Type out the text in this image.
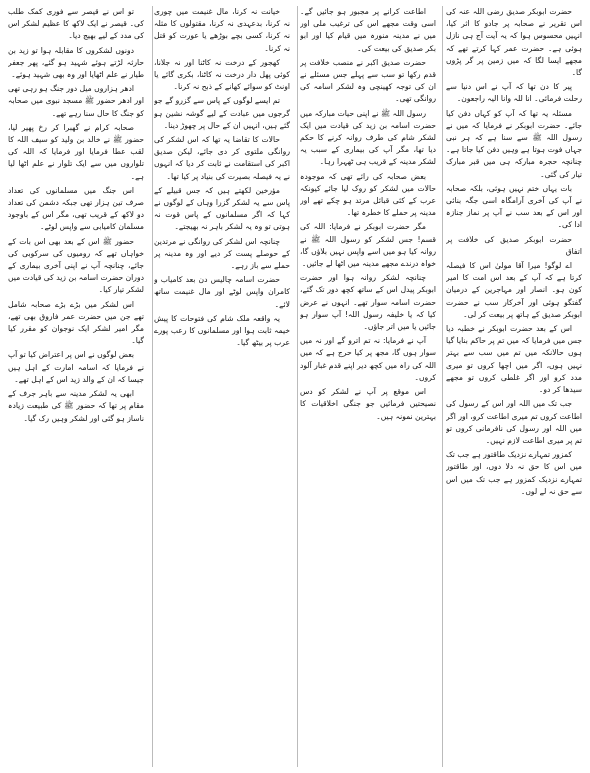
حضرت ابوبکر صدیق رضی اللہ عنہ کی اس تقریر نے صحابہ پر جادو کا اثر کیا، انہیں محسوس ہوا کہ یہ آیت آج ہی نازل ہوئی ہے۔ حضرت عمر کہا کرتے تھے کہ مجھے ایسا لگا کہ میں زمین پر گر پڑوں گا۔

پیر کا دن تھا کہ آپ نے اس دنیا سے رحلت فرمائی۔ انا للہ وانا الیہ راجعون۔

مسئلہ یہ تھا کہ آپ کو کہاں دفن کیا جائے۔ حضرت ابوبکر نے فرمایا کہ میں نے رسول اللہ ﷺ سے سنا ہے کہ ہر نبی جہاں فوت ہوتا ہے وہیں دفن کیا جاتا ہے۔ چنانچہ حجرہ مبارکہ ہی میں قبر مبارک تیار کی گئی۔

بات یہاں ختم نہیں ہوئی، بلکہ صحابہ نے آپ کی آخری آرامگاہ اسی جگہ بنائی اور اس کے بعد سب نے آپ پر نماز جنازہ ادا کی۔

حضرت ابوبکر صدیق کی خلافت پر اتفاق

اے لوگو! میرا آقا مولیٰ اس کا فیصلہ کرتا ہے کہ آپ کے بعد اس امت کا امیر کون ہو۔ انصار اور مہاجرین کے درمیان گفتگو ہوئی اور آخرکار سب نے حضرت ابوبکر صدیق کے ہاتھ پر بیعت کر لی۔

اس کے بعد حضرت ابوبکر نے خطبہ دیا جس میں فرمایا کہ میں تم پر حاکم بنایا گیا ہوں حالانکہ میں تم میں سب سے بہتر نہیں ہوں، اگر میں اچھا کروں تو میری مدد کرو اور اگر غلطی کروں تو مجھے سیدھا کر دو۔

جب تک میں اللہ اور اس کے رسول کی اطاعت کروں تم میری اطاعت کرو، اور اگر میں اللہ اور رسول کی نافرمانی کروں تو تم پر میری اطاعت لازم نہیں۔

کمزور تمہارے نزدیک طاقتور ہے جب تک میں اس کا حق نہ دلا دوں، اور طاقتور تمہارے نزدیک کمزور ہے جب تک میں اس سے حق نہ لے لوں۔

اطاعت کرانے پر مجبور ہو جائیں گے۔ اسی وقت مجھے اس کی ترغیب ملی اور میں نے مدینہ منورہ میں قیام کیا اور ابو بکر صدیق کی بیعت کی۔

حضرت صدیق اکبر نے منصب خلافت پر قدم رکھا تو سب سے پہلے جس مسئلے نے ان کی توجہ کھینچی وہ لشکر اسامہ کی روانگی تھی۔

رسول اللہ ﷺ نے اپنی حیات مبارکہ میں حضرت اسامہ بن زید کی قیادت میں ایک لشکر شام کی طرف روانہ کرنے کا حکم دیا تھا، مگر آپ کی بیماری کے سبب یہ لشکر مدینہ کے قریب ہی ٹھہرا رہا۔

بعض صحابہ کی رائے تھی کہ موجودہ حالات میں لشکر کو روک لیا جائے کیونکہ عرب کے کئی قبائل مرتد ہو چکے تھے اور مدینہ پر حملے کا خطرہ تھا۔

مگر حضرت ابوبکر نے فرمایا: اللہ کی قسم! جس لشکر کو رسول اللہ ﷺ نے روانہ کیا ہو میں اسے واپس نہیں بلاؤں گا، خواہ درندے مجھے مدینہ میں اٹھا لے جائیں۔

چنانچہ لشکر روانہ ہوا اور حضرت ابوبکر پیدل اس کے ساتھ کچھ دور تک گئے، حضرت اسامہ سوار تھے۔ انہوں نے عرض کیا کہ یا خلیفہ رسول اللہ! آپ سوار ہو جائیں یا میں اتر جاؤں۔

آپ نے فرمایا: نہ تم اترو گے اور نہ میں سوار ہوں گا، مجھ پر کیا حرج ہے کہ میں اللہ کی راہ میں کچھ دیر اپنے قدم غبار آلود کروں۔

اس موقع پر آپ نے لشکر کو دس نصیحتیں فرمائیں جو جنگی اخلاقیات کا بہترین نمونہ ہیں۔

خیانت نہ کرنا، مال غنیمت میں چوری نہ کرنا، بدعہدی نہ کرنا، مقتولوں کا مثلہ نہ کرنا، کسی بچے بوڑھے یا عورت کو قتل نہ کرنا۔

کھجور کے درخت نہ کاٹنا اور نہ جلانا، کوئی پھل دار درخت نہ کاٹنا، بکری گائے یا اونٹ کو سوائے کھانے کے ذبح نہ کرنا۔

تم ایسے لوگوں کے پاس سے گزرو گے جو گرجوں میں عبادت کے لیے گوشہ نشین ہو گئے ہیں، انہیں ان کے حال پر چھوڑ دینا۔

حالات کا تقاضا یہ تھا کہ اس لشکر کی روانگی ملتوی کر دی جائے، لیکن صدیق اکبر کی استقامت نے ثابت کر دیا کہ انہوں نے یہ فیصلہ بصیرت کی بنیاد پر کیا تھا۔

مؤرخین لکھتے ہیں کہ جس قبیلے کے پاس سے یہ لشکر گزرا وہاں کے لوگوں نے کہا کہ اگر مسلمانوں کے پاس قوت نہ ہوتی تو وہ یہ لشکر باہر نہ بھیجتے۔

چنانچہ اس لشکر کی روانگی نے مرتدین کے حوصلے پست کر دیے اور وہ مدینہ پر حملے سے باز رہے۔

حضرت اسامہ چالیس دن بعد کامیاب و کامران واپس لوٹے اور مال غنیمت ساتھ لائے۔

یہ واقعہ ملک شام کی فتوحات کا پیش خیمہ ثابت ہوا اور مسلمانوں کا رعب پورے عرب پر بیٹھ گیا۔

تو اس نے قیصر سے فوری کمک طلب کی۔ قیصر نے ایک لاکھ کا عظیم لشکر اس کی مدد کے لیے بھیج دیا۔

دونوں لشکروں کا مقابلہ ہوا تو زید بن حارثہ لڑتے ہوئے شہید ہو گئے، پھر جعفر طیار نے علم اٹھایا اور وہ بھی شہید ہوئے۔

ادھر ہزاروں میل دور جنگ ہو رہی تھی اور ادھر حضور ﷺ مسجد نبوی میں صحابہ کو جنگ کا حال سنا رہے تھے۔

صحابہ کرام نے گھبرا کر رخ پھیر لیا، حضور ﷺ نے خالد بن ولید کو سیف اللہ کا لقب عطا فرمایا اور فرمایا کہ اللہ کی تلواروں میں سے ایک تلوار نے علم اٹھا لیا ہے۔

اس جنگ میں مسلمانوں کی تعداد صرف تین ہزار تھی جبکہ دشمن کی تعداد دو لاکھ کے قریب تھی، مگر اس کے باوجود مسلمان کامیابی سے واپس لوٹے۔

حضور ﷺ اس کے بعد بھی اس بات کے خواہاں تھے کہ رومیوں کی سرکوبی کی جائے، چنانچہ آپ نے اپنی آخری بیماری کے دوران حضرت اسامہ بن زید کی قیادت میں لشکر تیار کیا۔

اس لشکر میں بڑے بڑے صحابہ شامل تھے جن میں حضرت عمر فاروق بھی تھے، مگر امیر لشکر ایک نوجوان کو مقرر کیا گیا۔

بعض لوگوں نے اس پر اعتراض کیا تو آپ نے فرمایا کہ اسامہ امارت کے اہل ہیں جیسا کہ ان کے والد زید اس کے اہل تھے۔

ابھی یہ لشکر مدینہ سے باہر جرف کے مقام پر تھا کہ حضور ﷺ کی طبیعت زیادہ ناساز ہو گئی اور لشکر وہیں رک گیا۔
